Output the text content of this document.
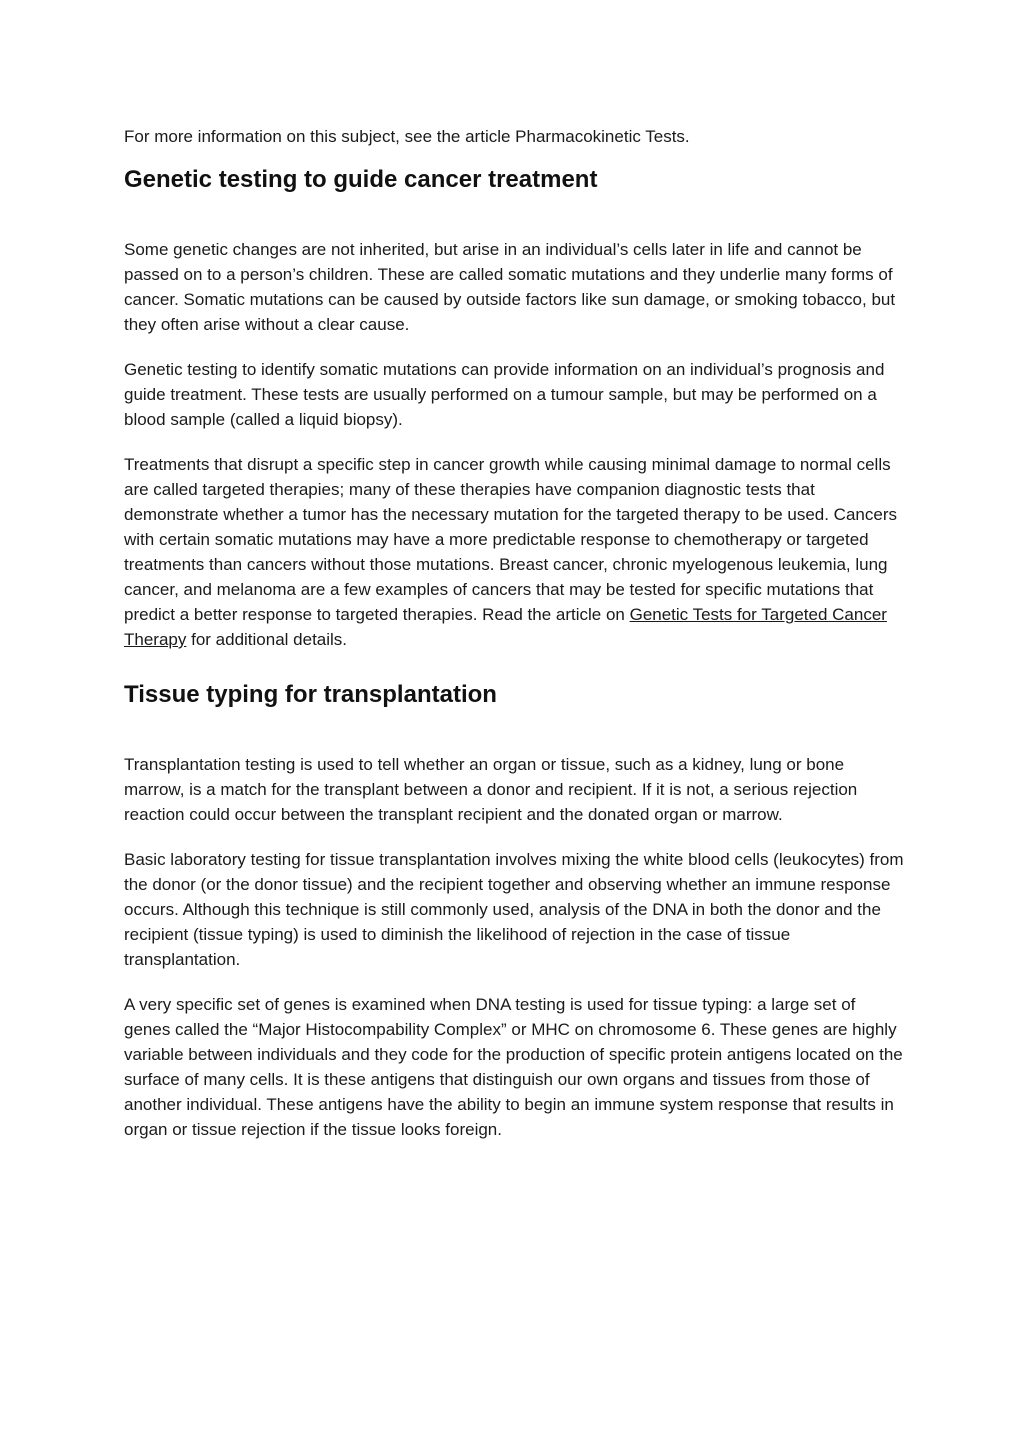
For more information on this subject, see the article Pharmacokinetic Tests.

Genetic testing to guide cancer treatment

Some genetic changes are not inherited, but arise in an individual’s cells later in life and cannot be passed on to a person’s children. These are called somatic mutations and they underlie many forms of cancer. Somatic mutations can be caused by outside factors like sun damage, or smoking tobacco, but they often arise without a clear cause.

Genetic testing to identify somatic mutations can provide information on an individual’s prognosis and guide treatment. These tests are usually performed on a tumour sample, but may be performed on a blood sample (called a liquid biopsy).

Treatments that disrupt a specific step in cancer growth while causing minimal damage to normal cells are called targeted therapies; many of these therapies have companion diagnostic tests that demonstrate whether a tumor has the necessary mutation for the targeted therapy to be used. Cancers with certain somatic mutations may have a more predictable response to chemotherapy or targeted treatments than cancers without those mutations. Breast cancer, chronic myelogenous leukemia, lung cancer, and melanoma are a few examples of cancers that may be tested for specific mutations that predict a better response to targeted therapies. Read the article on Genetic Tests for Targeted Cancer Therapy for additional details.

Tissue typing for transplantation

Transplantation testing is used to tell whether an organ or tissue, such as a kidney, lung or bone marrow, is a match for the transplant between a donor and recipient. If it is not, a serious rejection reaction could occur between the transplant recipient and the donated organ or marrow.

Basic laboratory testing for tissue transplantation involves mixing the white blood cells (leukocytes) from the donor (or the donor tissue) and the recipient together and observing whether an immune response occurs. Although this technique is still commonly used, analysis of the DNA in both the donor and the recipient (tissue typing) is used to diminish the likelihood of rejection in the case of tissue transplantation.

A very specific set of genes is examined when DNA testing is used for tissue typing: a large set of genes called the “Major Histocompability Complex” or MHC on chromosome 6. These genes are highly variable between individuals and they code for the production of specific protein antigens located on the surface of many cells. It is these antigens that distinguish our own organs and tissues from those of another individual. These antigens have the ability to begin an immune system response that results in organ or tissue rejection if the tissue looks foreign.
